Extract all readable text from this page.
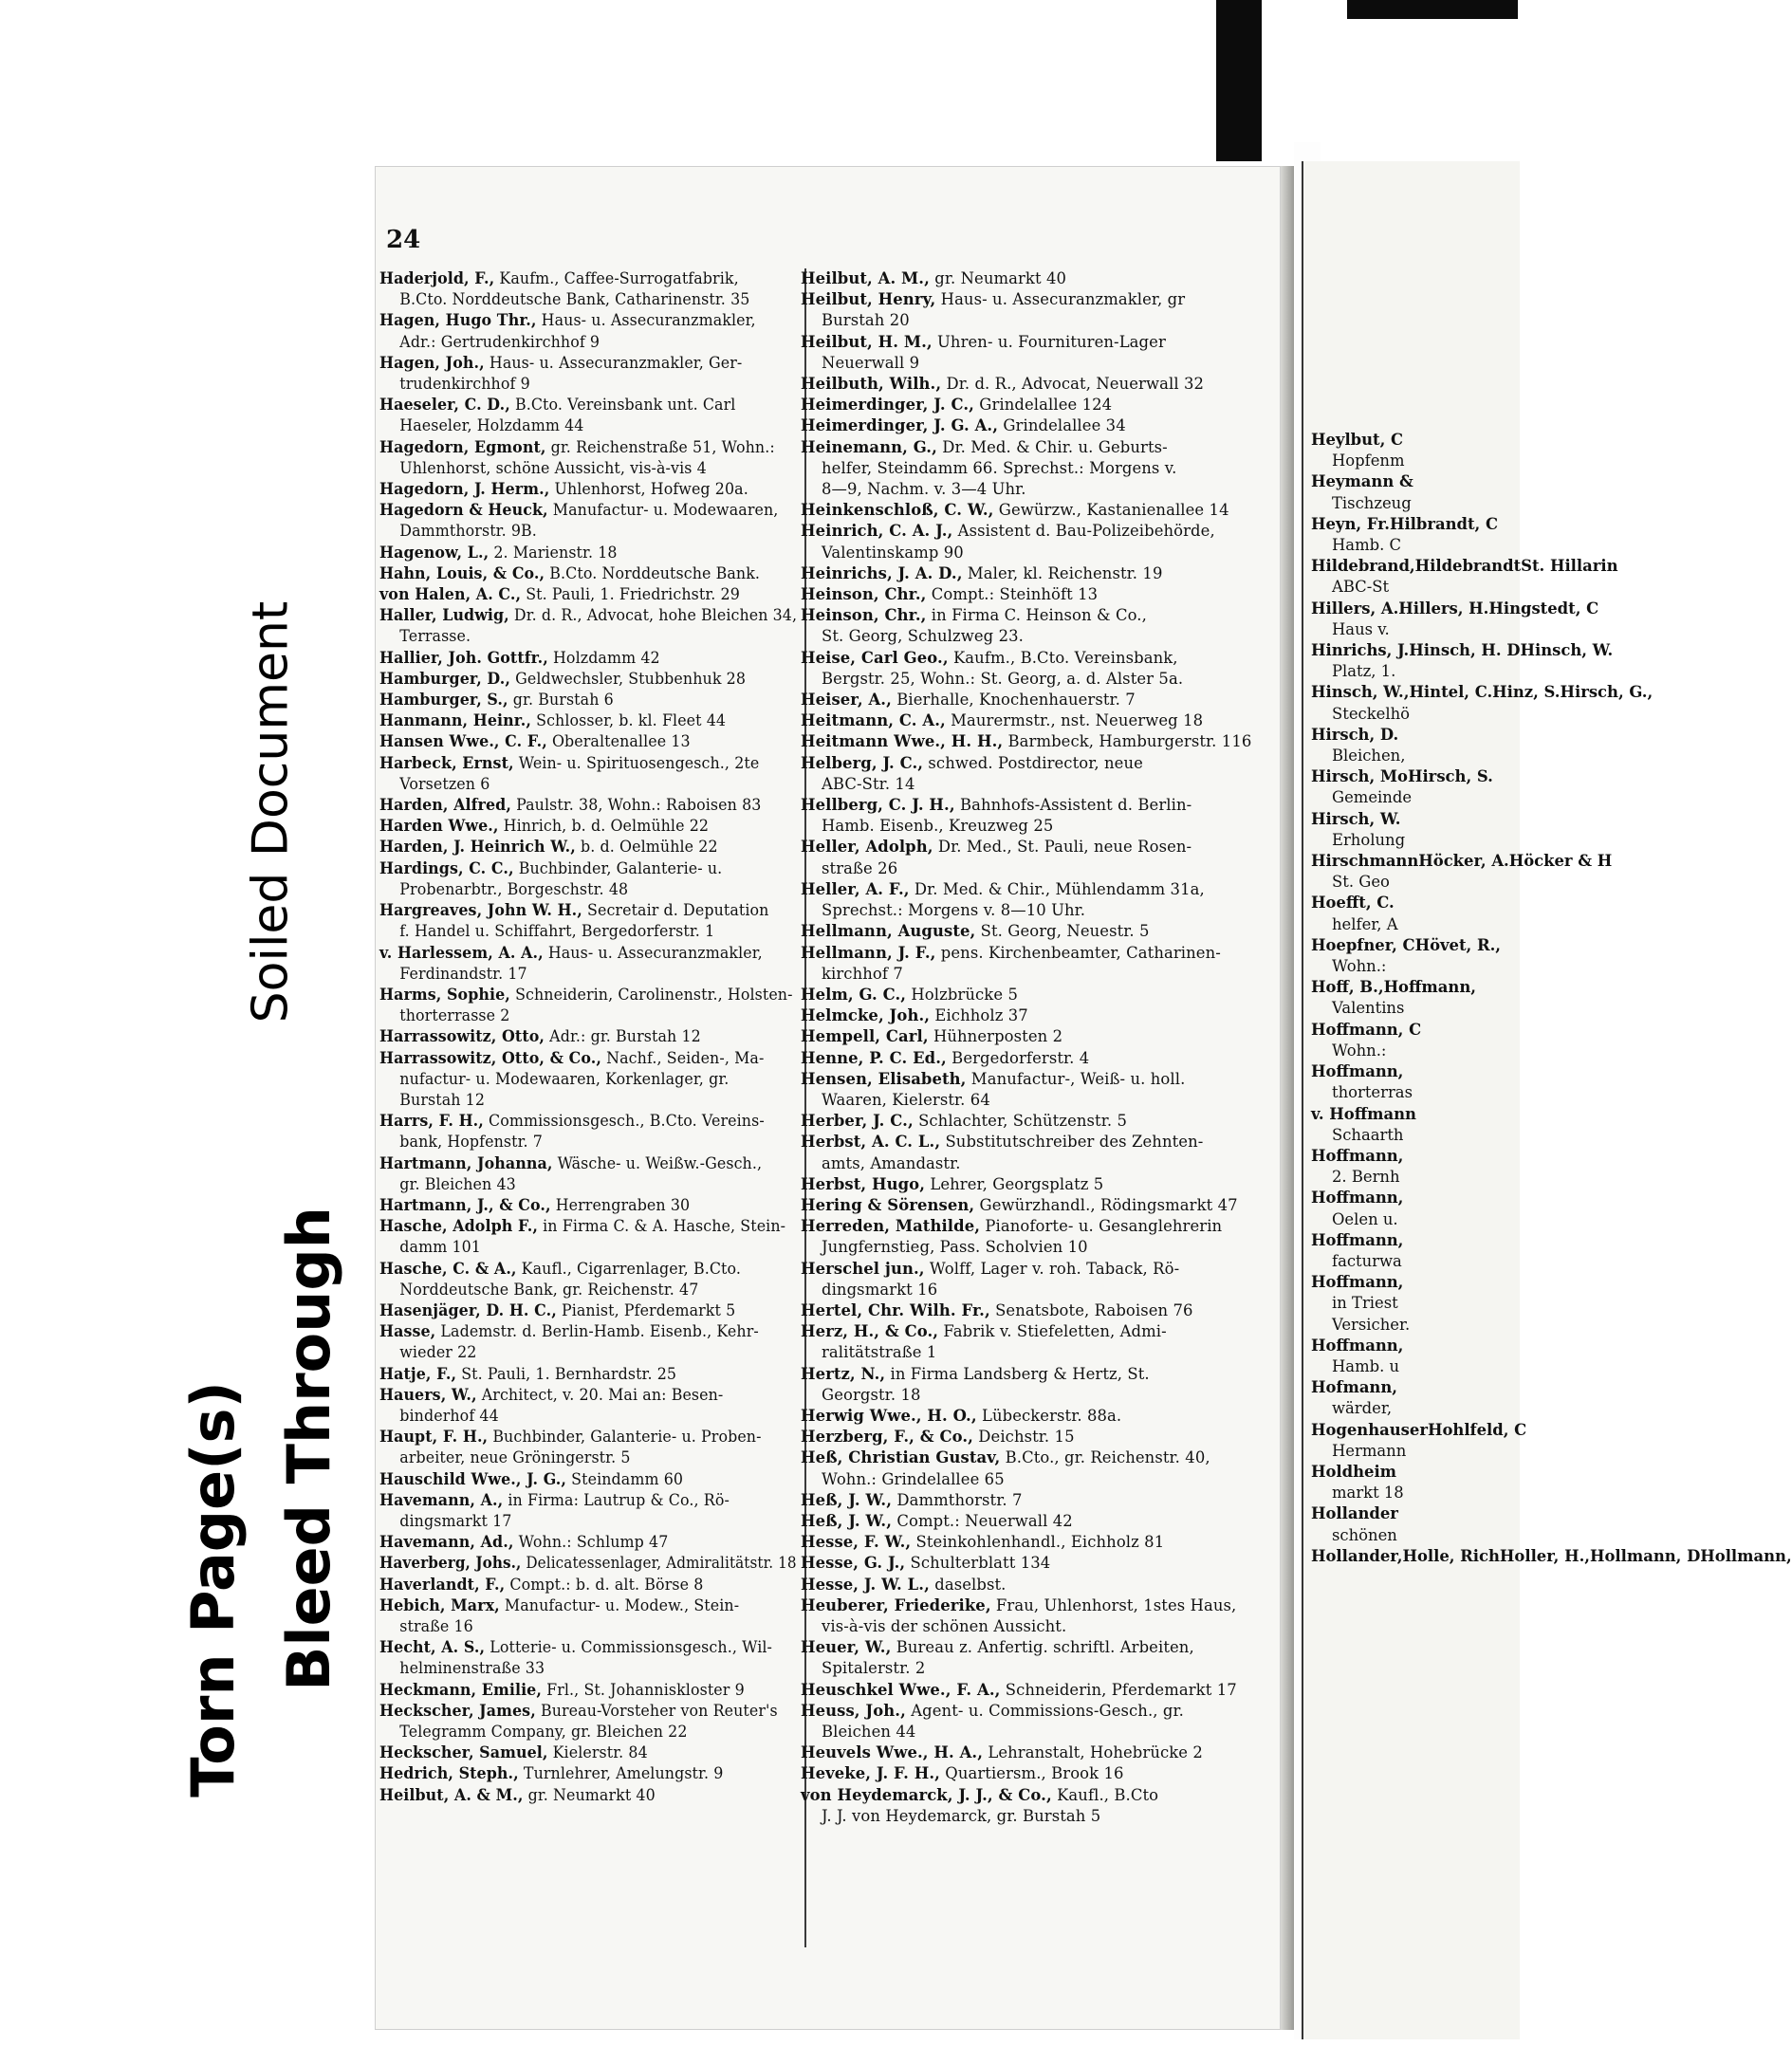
24
Haderjold, F., Kaufm., Caffee-Surrogatfabrik,
B.Cto. Norddeutsche Bank, Catharinenstr. 35
Hagen, Hugo Thr., Haus- u. Assecuranzmakler,
Adr.: Gertrudenkirchhof 9
Hagen, Joh., Haus- u. Assecuranzmakler, Ger-
trudenkirchhof 9
Haeseler, C. D., B.Cto. Vereinsbank unt. Carl
Haeseler, Holzdamm 44
Hagedorn, Egmont, gr. Reichenstraße 51, Wohn.:
Uhlenhorst, schöne Aussicht, vis-à-vis 4
Hagedorn, J. Herm., Uhlenhorst, Hofweg 20a.
Hagedorn & Heuck, Manufactur- u. Modewaaren,
Dammthorstr. 9B.
Hagenow, L., 2. Marienstr. 18
Hahn, Louis, & Co., B.Cto. Norddeutsche Bank.
von Halen, A. C., St. Pauli, 1. Friedrichstr. 29
Haller, Ludwig, Dr. d. R., Advocat, hohe Bleichen 34,
Terrasse.
Hallier, Joh. Gottfr., Holzdamm 42
Hamburger, D., Geldwechsler, Stubbenhuk 28
Hamburger, S., gr. Burstah 6
Hanmann, Heinr., Schlosser, b. kl. Fleet 44
Hansen Wwe., C. F., Oberaltenallee 13
Harbeck, Ernst, Wein- u. Spirituosengesch., 2te
Vorsetzen 6
Harden, Alfred, Paulstr. 38, Wohn.: Raboisen 83
Harden Wwe., Hinrich, b. d. Oelmühle 22
Harden, J. Heinrich W., b. d. Oelmühle 22
Hardings, C. C., Buchbinder, Galanterie- u.
Probenarbtr., Borgeschstr. 48
Hargreaves, John W. H., Secretair d. Deputation
f. Handel u. Schiffahrt, Bergedorferstr. 1
v. Harlessem, A. A., Haus- u. Assecuranzmakler,
Ferdinandstr. 17
Harms, Sophie, Schneiderin, Carolinenstr., Holsten-
thorterrasse 2
Harrassowitz, Otto, Adr.: gr. Burstah 12
Harrassowitz, Otto, & Co., Nachf., Seiden-, Ma-
nufactur- u. Modewaaren, Korkenlager, gr.
Burstah 12
Harrs, F. H., Commissionsgesch., B.Cto. Vereins-
bank, Hopfenstr. 7
Hartmann, Johanna, Wäsche- u. Weißw.-Gesch.,
gr. Bleichen 43
Hartmann, J., & Co., Herrengraben 30
Hasche, Adolph F., in Firma C. & A. Hasche, Stein-
damm 101
Hasche, C. & A., Kaufl., Cigarrenlager, B.Cto.
Norddeutsche Bank, gr. Reichenstr. 47
Hasenjäger, D. H. C., Pianist, Pferdemarkt 5
Hasse, Lademstr. d. Berlin-Hamb. Eisenb., Kehr-
wieder 22
Hatje, F., St. Pauli, 1. Bernhardstr. 25
Hauers, W., Architect, v. 20. Mai an: Besen-
binderhof 44
Haupt, F. H., Buchbinder, Galanterie- u. Proben-
arbeiter, neue Gröningerstr. 5
Hauschild Wwe., J. G., Steindamm 60
Havemann, A., in Firma: Lautrup & Co., Rö-
dingsmarkt 17
Havemann, Ad., Wohn.: Schlump 47
Haverberg, Johs., Delicatessenlager, Admiralitätstr. 18
Haverlandt, F., Compt.: b. d. alt. Börse 8
Hebich, Marx, Manufactur- u. Modew., Stein-
straße 16
Hecht, A. S., Lotterie- u. Commissionsgesch., Wil-
helminenstraße 33
Heckmann, Emilie, Frl., St. Johanniskloster 9
Heckscher, James, Bureau-Vorsteher von Reuter's
Telegramm Company, gr. Bleichen 22
Heckscher, Samuel, Kielerstr. 84
Hedrich, Steph., Turnlehrer, Amelungstr. 9
Heilbut, A. & M., gr. Neumarkt 40
Heilbut, A. M., gr. Neumarkt 40
Heilbut, Henry, Haus- u. Assecuranzmakler, gr
Burstah 20
Heilbut, H. M., Uhren- u. Fournituren-Lager
Neuerwall 9
Heilbuth, Wilh., Dr. d. R., Advocat, Neuerwall 32
Heimerdinger, J. C., Grindelallee 124
Heimerdinger, J. G. A., Grindelallee 34
Heinemann, G., Dr. Med. & Chir. u. Geburts-
helfer, Steindamm 66. Sprechst.: Morgens v.
8—9, Nachm. v. 3—4 Uhr.
Heinkenschloß, C. W., Gewürzw., Kastanienallee 14
Heinrich, C. A. J., Assistent d. Bau-Polizeibehörde,
Valentinskamp 90
Heinrichs, J. A. D., Maler, kl. Reichenstr. 19
Heinson, Chr., Compt.: Steinhöft 13
Heinson, Chr., in Firma C. Heinson & Co.,
St. Georg, Schulzweg 23.
Heise, Carl Geo., Kaufm., B.Cto. Vereinsbank,
Bergstr. 25, Wohn.: St. Georg, a. d. Alster 5a.
Heiser, A., Bierhalle, Knochenhauerstr. 7
Heitmann, C. A., Maurermstr., nst. Neuerweg 18
Heitmann Wwe., H. H., Barmbeck, Hamburgerstr. 116
Helberg, J. C., schwed. Postdirector, neue
ABC-Str. 14
Hellberg, C. J. H., Bahnhofs-Assistent d. Berlin-
Hamb. Eisenb., Kreuzweg 25
Heller, Adolph, Dr. Med., St. Pauli, neue Rosen-
straße 26
Heller, A. F., Dr. Med. & Chir., Mühlendamm 31a,
Sprechst.: Morgens v. 8—10 Uhr.
Hellmann, Auguste, St. Georg, Neuestr. 5
Hellmann, J. F., pens. Kirchenbeamter, Catharinen-
kirchhof 7
Helm, G. C., Holzbrücke 5
Helmcke, Joh., Eichholz 37
Hempell, Carl, Hühnerposten 2
Henne, P. C. Ed., Bergedorferstr. 4
Hensen, Elisabeth, Manufactur-, Weiß- u. holl.
Waaren, Kielerstr. 64
Herber, J. C., Schlachter, Schützenstr. 5
Herbst, A. C. L., Substitutschreiber des Zehnten-
amts, Amandastr.
Herbst, Hugo, Lehrer, Georgsplatz 5
Hering & Sörensen, Gewürzhandl., Rödingsmarkt 47
Herreden, Mathilde, Pianoforte- u. Gesanglehrerin
Jungfernstieg, Pass. Scholvien 10
Herschel jun., Wolff, Lager v. roh. Taback, Rö-
dingsmarkt 16
Hertel, Chr. Wilh. Fr., Senatsbote, Raboisen 76
Herz, H., & Co., Fabrik v. Stiefeletten, Admi-
ralitätstraße 1
Hertz, N., in Firma Landsberg & Hertz, St.
Georgstr. 18
Herwig Wwe., H. O., Lübeckerstr. 88a.
Herzberg, F., & Co., Deichstr. 15
Heß, Christian Gustav, B.Cto., gr. Reichenstr. 40,
Wohn.: Grindelallee 65
Heß, J. W., Dammthorstr. 7
Heß, J. W., Compt.: Neuerwall 42
Hesse, F. W., Steinkohlenhandl., Eichholz 81
Hesse, G. J., Schulterblatt 134
Hesse, J. W. L., daselbst.
Heuberer, Friederike, Frau, Uhlenhorst, 1stes Haus,
vis-à-vis der schönen Aussicht.
Heuer, W., Bureau z. Anfertig. schriftl. Arbeiten,
Spitalerstr. 2
Heuschkel Wwe., F. A., Schneiderin, Pferdemarkt 17
Heuss, Joh., Agent- u. Commissions-Gesch., gr.
Bleichen 44
Heuvels Wwe., H. A., Lehranstalt, Hohebrücke 2
Heveke, J. F. H., Quartiersm., Brook 16
von Heydemarck, J. J., & Co., Kaufl., B.Cto
J. J. von Heydemarck, gr. Burstah 5
Heylbut, C
Hopfenm
Heymann &
Tischzeug
Heyn, Fr.Hilbrandt, C
Hamb. C
Hildebrand,HildebrandtSt. Hillarin
ABC-St
Hillers, A.Hillers, H.Hingstedt, C
Haus v.
Hinrichs, J.Hinsch, H. DHinsch, W.
Platz, 1.
Hinsch, W.,Hintel, C.Hinz, S.Hirsch, G.,
Steckelhö
Hirsch, D.
Bleichen,
Hirsch, MoHirsch, S.
Gemeinde
Hirsch, W.
Erholung
HirschmannHöcker, A.Höcker & H
St. Geo
Hoefft, C.
helfer, A
Hoepfner, CHövet, R.,
Wohn.:
Hoff, B.,Hoffmann,
Valentins
Hoffmann, C
Wohn.:
Hoffmann,
thorterras
v. Hoffmann
Schaarth
Hoffmann,
2. Bernh
Hoffmann,
Oelen u.
Hoffmann,
facturwa
Hoffmann,
in Triest
Versicher.
Hoffmann,
Hamb. u
Hofmann,
wärder,
HogenhauserHohlfeld, C
Hermann
Holdheim
markt 18
Hollander
schönen
Hollander,Holle, RichHoller, H.,Hollmann, DHollmann,
Soiled Document
Bleed Through
Torn Page(s)
